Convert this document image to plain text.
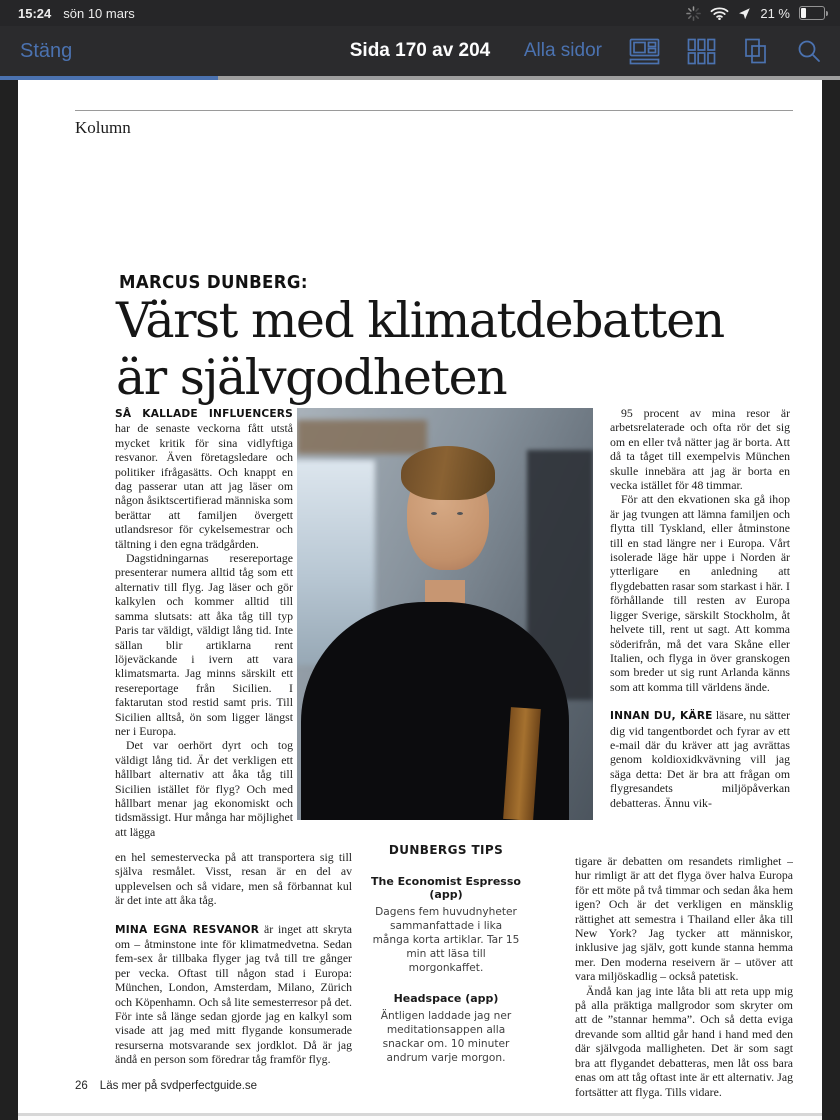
15:24 sön 10 mars	21 %
Stäng	Sida 170 av 204	Alla sidor
Kolumn
MARCUS DUNBERG:
Värst med klimatdebatten
är självgodheten

SÅ KALLADE INFLUENCERS har de senaste veckorna fått utstå mycket kritik för sina vidlyftiga resvanor. Även företagsledare och politiker ifrågasätts. Och knappt en dag passerar utan att jag läser om någon åsiktscertifierad människa som berättar att familjen övergett utlandsresor för cykelsemestrar och tältning i den egna trädgården.

Dagstidningarnas resereportage presenterar numera alltid tåg som ett alternativ till flyg. Jag läser och gör kalkylen och kommer alltid till samma slutsats: att åka tåg till typ Paris tar väldigt, väldigt lång tid. Inte sällan blir artiklarna rent löjeväckande i ivern att vara klimatsmarta. Jag minns särskilt ett resereportage från Sicilien. I faktarutan stod restid samt pris. Till Sicilien alltså, ön som ligger längst ner i Europa.

Det var oerhört dyrt och tog väldigt lång tid. Är det verkligen ett hållbart alternativ att åka tåg till Sicilien istället för flyg? Och med hållbart menar jag ekonomiskt och tidsmässigt. Hur många har möjlighet att lägga

95 procent av mina resor är arbetsrelaterade och ofta rör det sig om en eller två nätter jag är borta. Att då ta tåget till exempelvis München skulle innebära att jag är borta en vecka istället för 48 timmar.

För att den ekvationen ska gå ihop är jag tvungen att lämna familjen och flytta till Tyskland, eller åtminstone till en stad längre ner i Europa. Vårt isolerade läge här uppe i Norden är ytterligare en anledning att flygdebatten rasar som starkast i här. I förhållande till resten av Europa ligger Sverige, särskilt Stockholm, åt helvete till, rent ut sagt. Att komma söderifrån, må det vara Skåne eller Italien, och flyga in över granskogen som breder ut sig runt Arlanda känns som att komma till världens ände.

INNAN DU, KÄRE läsare, nu sätter dig vid tangentbordet och fyrar av ett e-mail där du kräver att jag avrättas genom koldioxidkvävning vill jag säga detta: Det är bra att frågan om flygresandets miljöpåverkan debatteras. Ännu vik-

en hel semestervecka på att transportera sig till själva resmålet. Visst, resan är en del av upplevelsen och så vidare, men så förbannat kul är det inte att åka tåg.

MINA EGNA RESVANOR är inget att skryta om – åtminstone inte för klimatmedvetna. Sedan fem-sex år tillbaka flyger jag två till tre gånger per vecka. Oftast till någon stad i Europa: München, London, Amsterdam, Milano, Zürich och Köpenhamn. Och så lite semesterresor på det. För inte så länge sedan gjorde jag en kalkyl som visade att jag med mitt flygande konsumerade resurserna motsvarande sex jordklot. Då är jag ändå en person som föredrar tåg framför flyg.

DUNBERGS TIPS
The Economist Espresso (app)
Dagens fem huvudnyheter sammanfattade i lika många korta artiklar. Tar 15 min att läsa till morgonkaffet.
Headspace (app)
Äntligen laddade jag ner meditationsappen alla snackar om. 10 minuter andrum varje morgon.

tigare är debatten om resandets rimlighet – hur rimligt är att det flyga över halva Europa för ett möte på två timmar och sedan åka hem igen? Och är det verkligen en mänsklig rättighet att semestra i Thailand eller åka till New York? Jag tycker att människor, inklusive jag själv, gott kunde stanna hemma mer. Den moderna reseivern är – utöver att vara miljöskadlig – också patetisk.

Ändå kan jag inte låta bli att reta upp mig på alla präktiga mallgrodor som skryter om att de ”stannar hemma”. Och så detta eviga drevande som alltid går hand i hand med den där självgoda malligheten. Det är som sagt bra att flygandet debatteras, men låt oss bara enas om att tåg oftast inte är ett alternativ. Jag fortsätter att flyga. Tills vidare.

26 Läs mer på svdperfectguide.se
